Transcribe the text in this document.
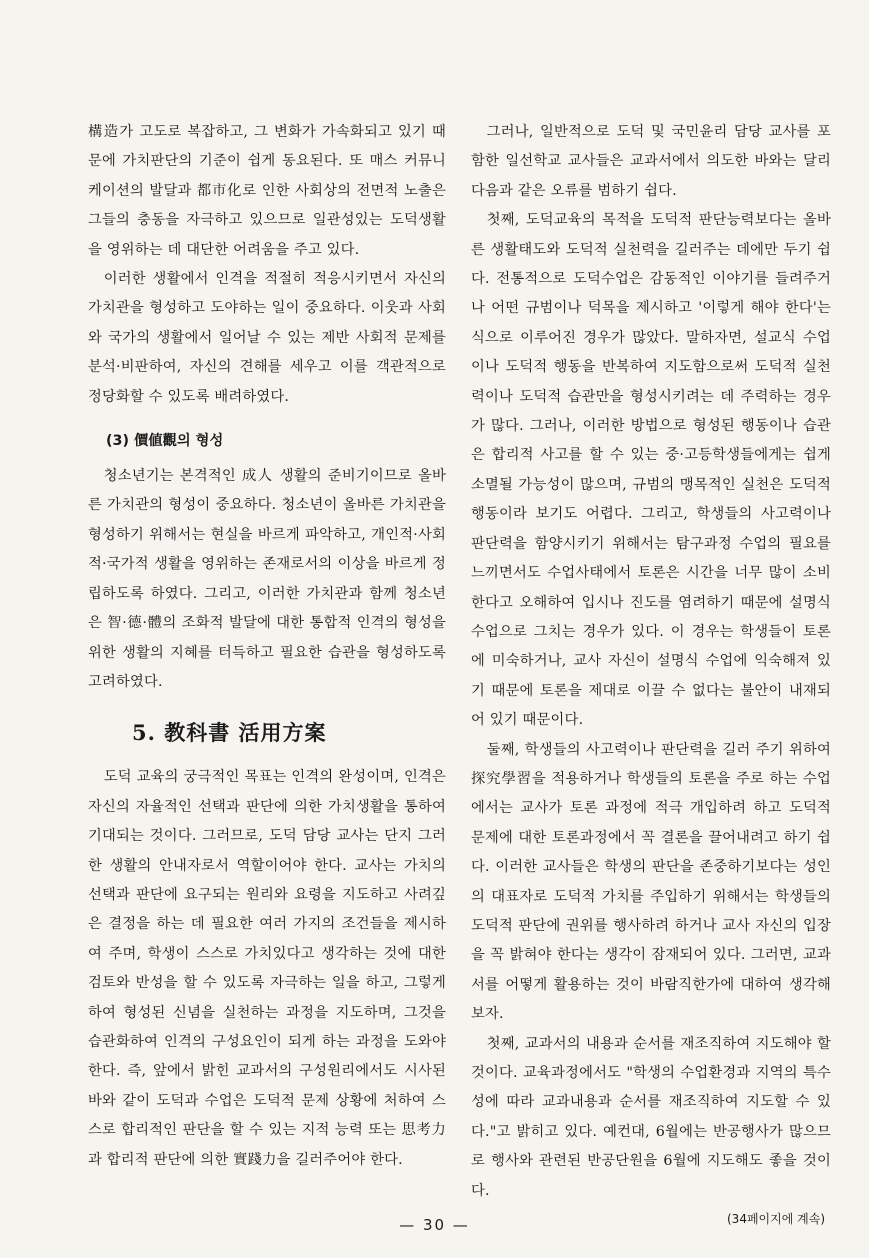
構造가 고도로 복잡하고, 그 변화가 가속화되고 있기 때문에 가치판단의 기준이 쉽게 동요된다. 또 매스 커뮤니케이션의 발달과 都市化로 인한 사회상의 전면적 노출은 그들의 충동을 자극하고 있으므로 일관성있는 도덕생활을 영위하는 데 대단한 어려움을 주고 있다.

이러한 생활에서 인격을 적절히 적응시키면서 자신의 가치관을 형성하고 도야하는 일이 중요하다. 이웃과 사회와 국가의 생활에서 일어날 수 있는 제반 사회적 문제를 분석·비판하여, 자신의 견해를 세우고 이를 객관적으로 정당화할 수 있도록 배려하였다.

(3) 價値觀의 형성

청소년기는 본격적인 成人 생활의 준비기이므로 올바른 가치관의 형성이 중요하다. 청소년이 올바른 가치관을 형성하기 위해서는 현실을 바르게 파악하고, 개인적·사회적·국가적 생활을 영위하는 존재로서의 이상을 바르게 정립하도록 하였다. 그리고, 이러한 가치관과 함께 청소년은 智·德·體의 조화적 발달에 대한 통합적 인격의 형성을 위한 생활의 지혜를 터득하고 필요한 습관을 형성하도록 고려하였다.

5. 教科書 活用方案

도덕 교육의 궁극적인 목표는 인격의 완성이며, 인격은 자신의 자율적인 선택과 판단에 의한 가치생활을 통하여 기대되는 것이다. 그러므로, 도덕 담당 교사는 단지 그러한 생활의 안내자로서 역할이어야 한다. 교사는 가치의 선택과 판단에 요구되는 원리와 요령을 지도하고 사려깊은 결정을 하는 데 필요한 여러 가지의 조건들을 제시하여 주며, 학생이 스스로 가치있다고 생각하는 것에 대한 검토와 반성을 할 수 있도록 자극하는 일을 하고, 그렇게 하여 형성된 신념을 실천하는 과정을 지도하며, 그것을 습관화하여 인격의 구성요인이 되게 하는 과정을 도와야 한다. 즉, 앞에서 밝힌 교과서의 구성원리에서도 시사된 바와 같이 도덕과 수업은 도덕적 문제 상황에 처하여 스스로 합리적인 판단을 할 수 있는 지적 능력 또는 思考力과 합리적 판단에 의한 實踐力을 길러주어야 한다.

그러나, 일반적으로 도덕 및 국민윤리 담당 교사를 포함한 일선학교 교사들은 교과서에서 의도한 바와는 달리 다음과 같은 오류를 범하기 쉽다.

첫째, 도덕교육의 목적을 도덕적 판단능력보다는 올바른 생활태도와 도덕적 실천력을 길러주는 데에만 두기 쉽다. 전통적으로 도덕수업은 감동적인 이야기를 들려주거나 어떤 규범이나 덕목을 제시하고 '이렇게 해야 한다'는 식으로 이루어진 경우가 많았다. 말하자면, 설교식 수업이나 도덕적 행동을 반복하여 지도함으로써 도덕적 실천력이나 도덕적 습관만을 형성시키려는 데 주력하는 경우가 많다. 그러나, 이러한 방법으로 형성된 행동이나 습관은 합리적 사고를 할 수 있는 중·고등학생들에게는 쉽게 소멸될 가능성이 많으며, 규범의 맹목적인 실천은 도덕적 행동이라 보기도 어렵다. 그리고, 학생들의 사고력이나 판단력을 함양시키기 위해서는 탐구과정 수업의 필요를 느끼면서도 수업사태에서 토론은 시간을 너무 많이 소비한다고 오해하여 입시나 진도를 염려하기 때문에 설명식 수업으로 그치는 경우가 있다. 이 경우는 학생들이 토론에 미숙하거나, 교사 자신이 설명식 수업에 익숙해져 있기 때문에 토론을 제대로 이끌 수 없다는 불안이 내재되어 있기 때문이다.

둘째, 학생들의 사고력이나 판단력을 길러 주기 위하여 探究學習을 적용하거나 학생들의 토론을 주로 하는 수업에서는 교사가 토론 과정에 적극 개입하려 하고 도덕적 문제에 대한 토론과정에서 꼭 결론을 끌어내려고 하기 쉽다. 이러한 교사들은 학생의 판단을 존중하기보다는 성인의 대표자로 도덕적 가치를 주입하기 위해서는 학생들의 도덕적 판단에 권위를 행사하려 하거나 교사 자신의 입장을 꼭 밝혀야 한다는 생각이 잠재되어 있다. 그러면, 교과서를 어떻게 활용하는 것이 바람직한가에 대하여 생각해 보자.

첫째, 교과서의 내용과 순서를 재조직하여 지도해야 할 것이다. 교육과정에서도 "학생의 수업환경과 지역의 특수성에 따라 교과내용과 순서를 재조직하여 지도할 수 있다."고 밝히고 있다. 예컨대, 6월에는 반공행사가 많으므로 행사와 관련된 반공단원을 6월에 지도해도 좋을 것이다.

(34페이지에 계속)

— 30 —
